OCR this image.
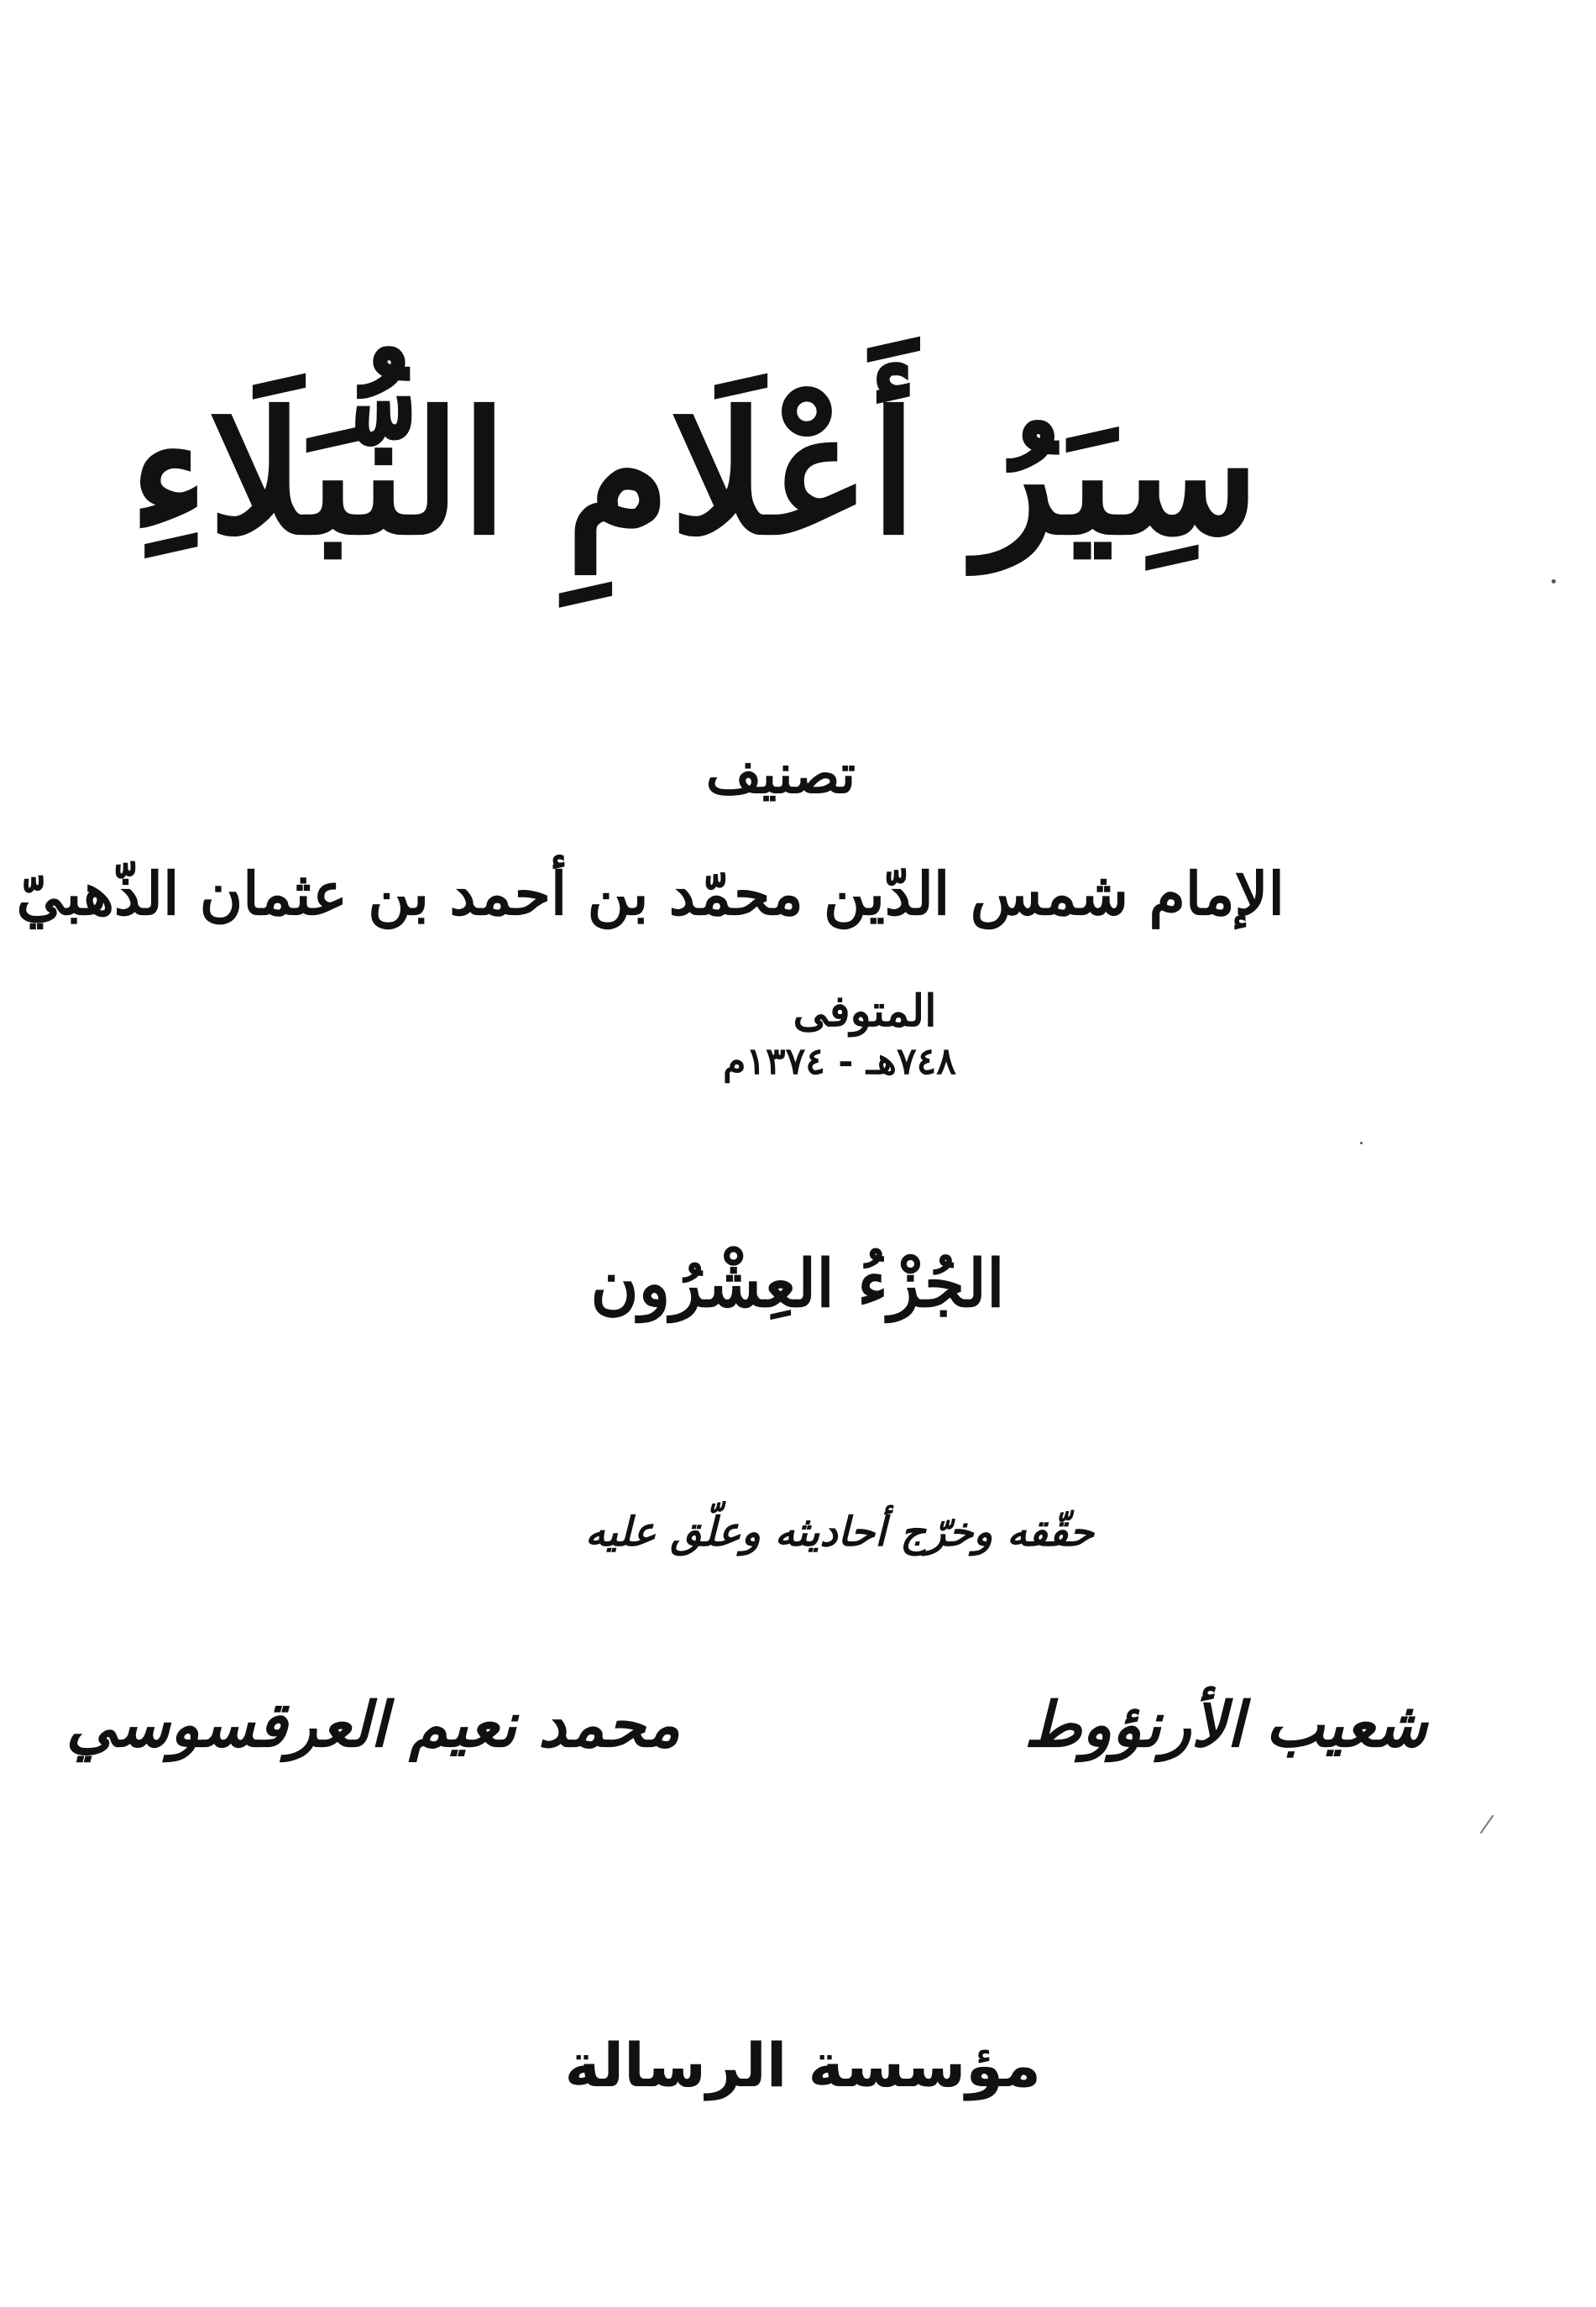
سِيَرُ أَعْلَامِ النُّبَلَاءِ
تصنيف
الإمام شمس الدّين محمّد بن أحمد بن عثمان الذّهبيّ
المتوفى
٧٤٨هـ - ١٣٧٤م
الجُزْءُ العِشْرُون
حقّقه وخرّج أحاديثه وعلّق عليه
شعيب الأرنؤوط
محمد نعيم العرقسوسي
مؤسسة الرسالة
